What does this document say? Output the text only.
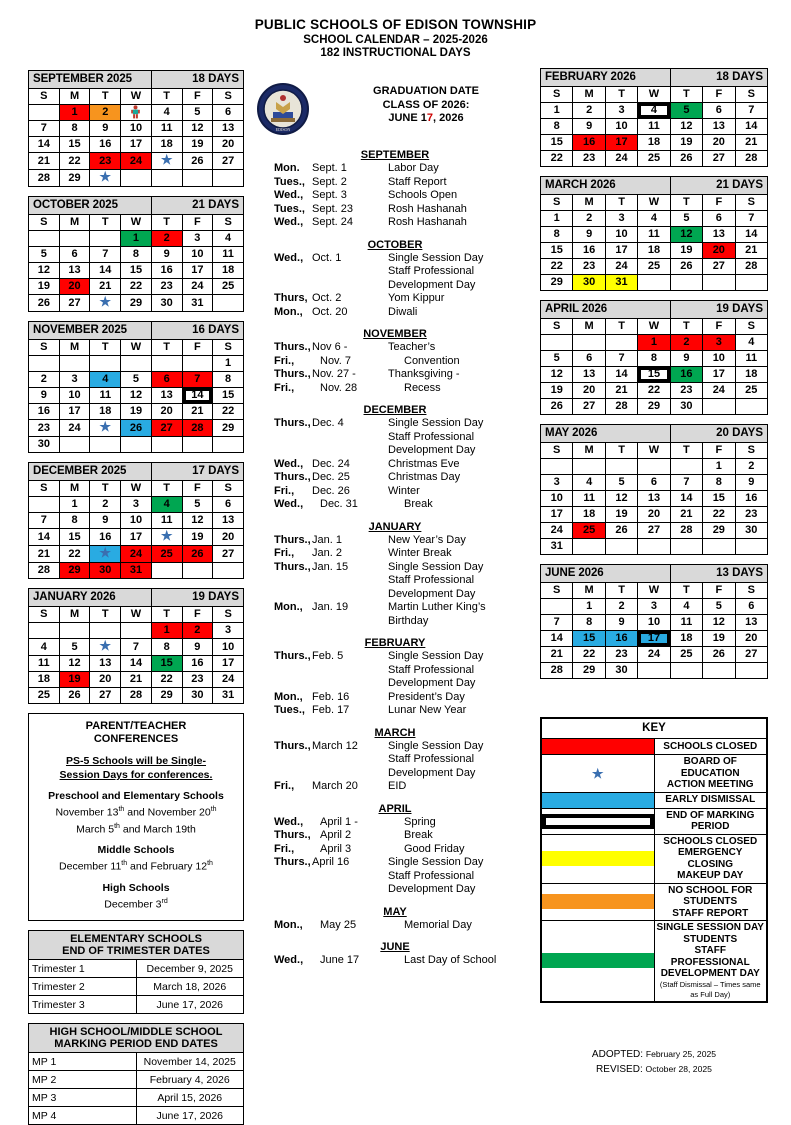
PUBLIC SCHOOLS OF EDISON TOWNSHIP
SCHOOL CALENDAR – 2025-2026
182 INSTRUCTIONAL DAYS
SEPTEMBER 2025				18 DAYS		
S	M	T	W	T	F	S
	1	2		4	5	6
7	8	9	10	11	12	13
14	15	16	17	18	19	20
21	22	23	24	★	26	27
28	29	★				
OCTOBER 2025				21 DAYS		
S	M	T	W	T	F	S
			1	2	3	4
5	6	7	8	9	10	11
12	13	14	15	16	17	18
19	20	21	22	23	24	25
26	27	★	29	30	31	
NOVEMBER 2025				16 DAYS		
S	M	T	W	T	F	S
						1
2	3	4	5	6	7	8
9	10	11	12	13	14	15
16	17	18	19	20	21	22
23	24	★	26	27	28	29
30						
DECEMBER 2025				17 DAYS		
S	M	T	W	T	F	S
	1	2	3	4	5	6
7	8	9	10	11	12	13
14	15	16	17	★	19	20
21	22	★	24	25	26	27
28	29	30	31			
JANUARY 2026				19 DAYS		
S	M	T	W	T	F	S
				1	2	3
4	5	★	7	8	9	10
11	12	13	14	15	16	17
18	19	20	21	22	23	24
25	26	27	28	29	30	31
PARENT/TEACHER
CONFERENCES
PS-5 Schools will be Single-
Session Days for conferences.
Preschool and Elementary Schools
November 13th and November 20th
March 5th and March 19th
Middle Schools
December 11th and February 12th
High Schools
December 3rd
ELEMENTARY SCHOOLS
END OF TRIMESTER DATES	
Trimester 1	December 9, 2025
Trimester 2	March 18, 2026
Trimester 3	June 17, 2026
HIGH SCHOOL/MIDDLE SCHOOL
MARKING PERIOD END DATES	
MP 1	November 14, 2025
MP 2	February 4, 2026
MP 3	April 15, 2026
MP 4	June 17, 2026
EDISON
GRADUATION DATE
CLASS OF 2026:
JUNE 17, 2026
SEPTEMBER
Mon.	Sept. 1	Labor Day
Tues., Sept. 2	Staff Report
Wed., Sept. 3	Schools Open
Tues., Sept. 23	Rosh Hashanah
Wed., Sept. 24	Rosh Hashanah
OCTOBER
Wed., Oct. 1	Single Session Day
Staff Professional
Development Day
Thurs, Oct. 2	Yom Kippur
Mon., Oct. 20	Diwali
NOVEMBER
Thurs., Nov 6 -	Teacher’s
Fri.,	Nov. 7	Convention
Thurs., Nov. 27 -	Thanksgiving -
Fri.,	Nov. 28	Recess
DECEMBER
Thurs., Dec. 4	Single Session Day
Staff Professional
Development Day
Wed., Dec. 24	Christmas Eve
Thurs., Dec. 25	Christmas Day
Fri.,	Dec. 26	Winter
Wed.,	Dec. 31	Break
JANUARY
Thurs., Jan. 1	New Year’s Day
Fri.,	Jan. 2	Winter Break
Thurs., Jan. 15	Single Session Day
Staff Professional
Development Day
Mon., Jan. 19	Martin Luther King’s
Birthday
FEBRUARY
Thurs., Feb. 5	Single Session Day
Staff Professional
Development Day
Mon., Feb. 16	President’s Day
Tues., Feb. 17	Lunar New Year
MARCH
Thurs., March 12	Single Session Day
Staff Professional
Development Day
Fri.,	March 20	EID
APRIL
Wed.,	April 1 -	Spring
Thurs., April 2	Break
Fri.,	April 3	Good Friday
Thurs., April 16	Single Session Day
Staff Professional
Development Day
MAY
Mon.,	May 25	Memorial Day
JUNE
Wed.,	June 17	Last Day of School
FEBRUARY 2026				18 DAYS		
S	M	T	W	T	F	S
1	2	3	4	5	6	7
8	9	10	11	12	13	14
15	16	17	18	19	20	21
22	23	24	25	26	27	28
MARCH 2026				21 DAYS		
S	M	T	W	T	F	S
1	2	3	4	5	6	7
8	9	10	11	12	13	14
15	16	17	18	19	20	21
22	23	24	25	26	27	28
29	30	31				
APRIL 2026				19 DAYS		
S	M	T	W	T	F	S
			1	2	3	4
5	6	7	8	9	10	11
12	13	14	15	16	17	18
19	20	21	22	23	24	25
26	27	28	29	30		
MAY 2026				20 DAYS		
S	M	T	W	T	F	S
					1	2
3	4	5	6	7	8	9
10	11	12	13	14	15	16
17	18	19	20	21	22	23
24	25	26	27	28	29	30
31						
JUNE 2026				13 DAYS		
S	M	T	W	T	F	S
	1	2	3	4	5	6
7	8	9	10	11	12	13
14	15	16	17	18	19	20
21	22	23	24	25	26	27
28	29	30				
KEY	

	SCHOOLS CLOSED

★	BOARD OF EDUCATION
ACTION MEETING

	EARLY DISMISSAL

	END OF MARKING PERIOD

	SCHOOLS CLOSED
EMERGENCY CLOSING
MAKEUP DAY

	NO SCHOOL FOR STUDENTS
STAFF REPORT

	SINGLE SESSION DAY
STUDENTS
STAFF PROFESSIONAL
DEVELOPMENT DAY
(Staff Dismissal – Times same as Full Day)
ADOPTED: February 25, 2025
REVISED: October 28, 2025
